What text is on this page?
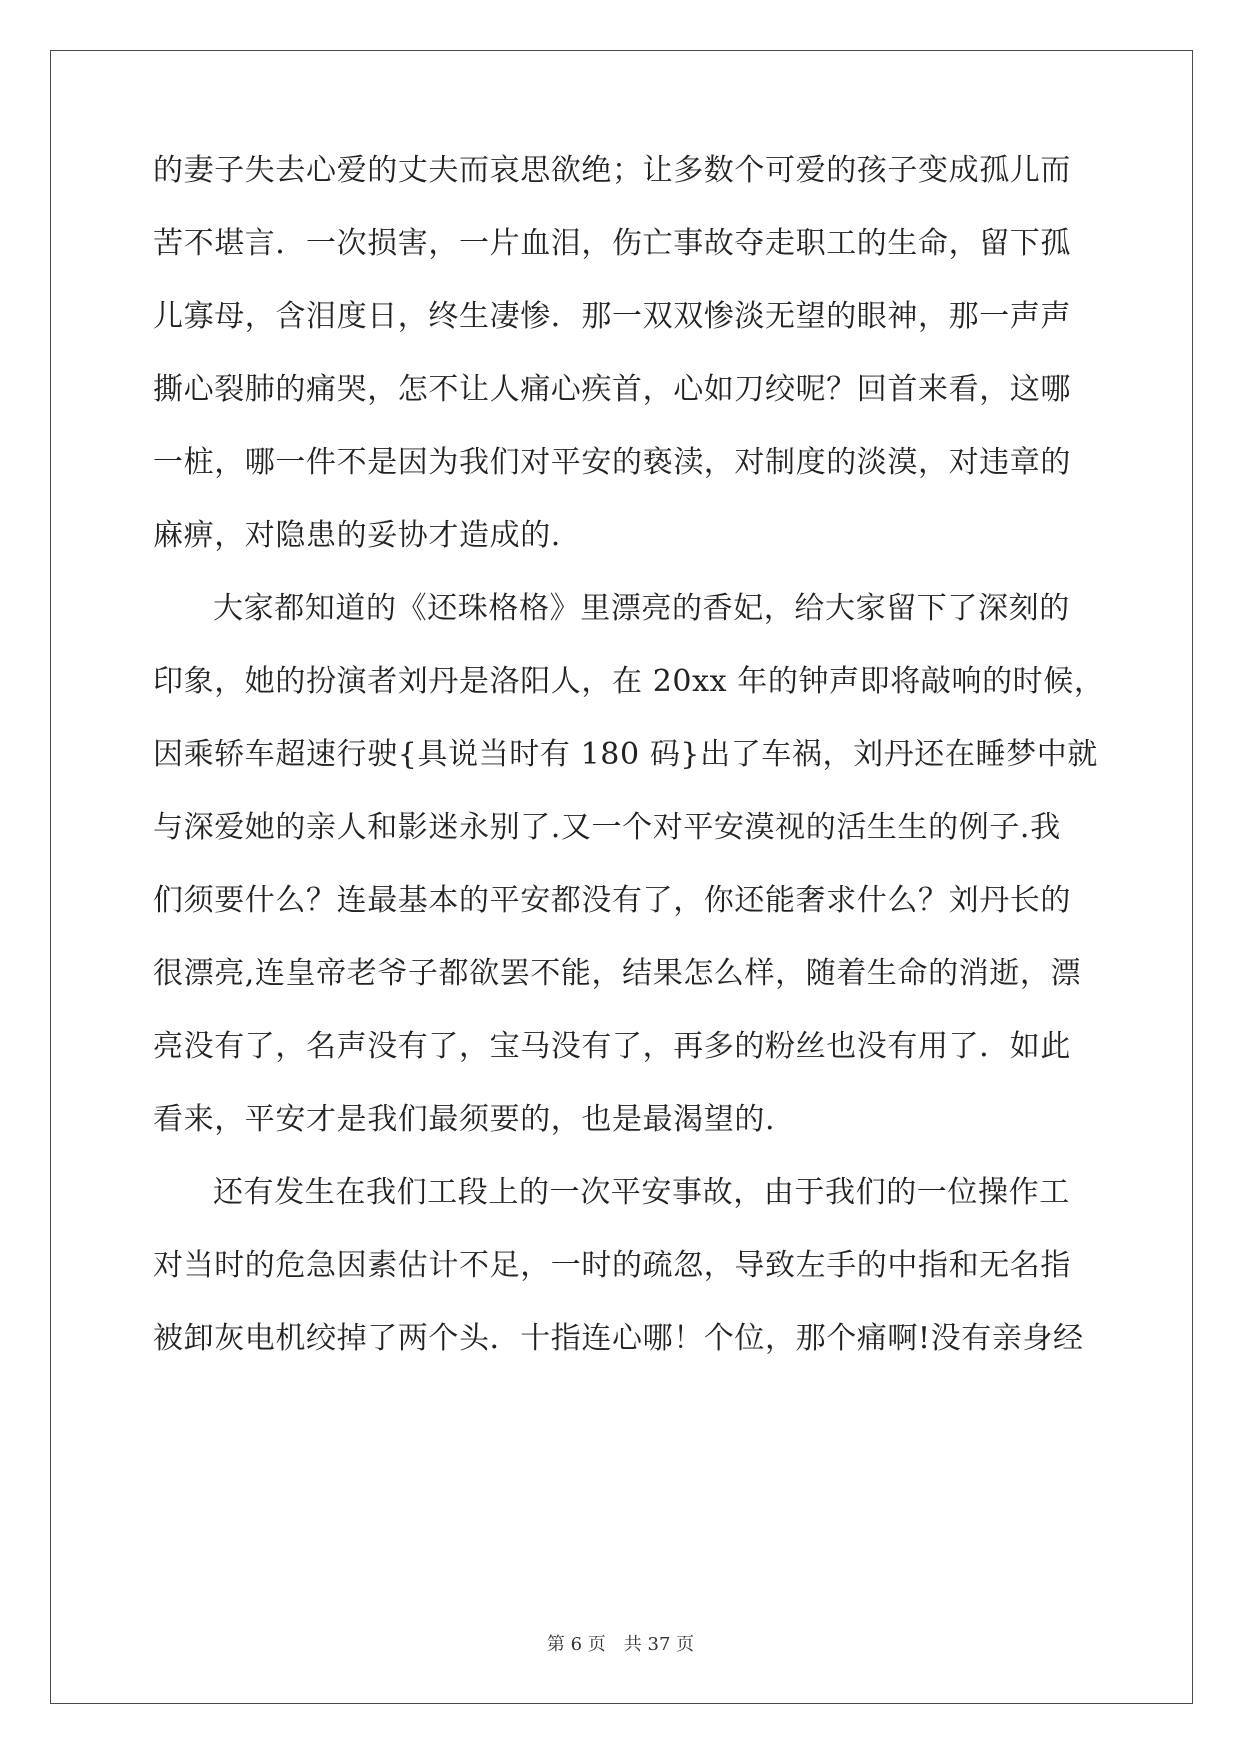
的妻子失去心爱的丈夫而哀思欲绝；让多数个可爱的孩子变成孤儿而
苦不堪言．一次损害，一片血泪，伤亡事故夺走职工的生命，留下孤
儿寡母，含泪度日，终生凄惨．那一双双惨淡无望的眼神，那一声声
撕心裂肺的痛哭，怎不让人痛心疾首，心如刀绞呢？回首来看，这哪
一桩，哪一件不是因为我们对平安的亵渎，对制度的淡漠，对违章的
麻痹，对隐患的妥协才造成的.
大家都知道的《还珠格格》里漂亮的香妃，给大家留下了深刻的
印象，她的扮演者刘丹是洛阳人，在 20xx 年的钟声即将敲响的时候，
因乘轿车超速行驶{具说当时有 180 码}出了车祸，刘丹还在睡梦中就
与深爱她的亲人和影迷永别了.又一个对平安漠视的活生生的例子.我
们须要什么？连最基本的平安都没有了，你还能奢求什么？刘丹长的
很漂亮,连皇帝老爷子都欲罢不能，结果怎么样，随着生命的消逝，漂
亮没有了，名声没有了，宝马没有了，再多的粉丝也没有用了．如此
看来，平安才是我们最须要的，也是最渴望的.
还有发生在我们工段上的一次平安事故，由于我们的一位操作工
对当时的危急因素估计不足，一时的疏忽，导致左手的中指和无名指
被卸灰电机绞掉了两个头．十指连心哪！个位，那个痛啊!没有亲身经
第 6 页　共 37 页
